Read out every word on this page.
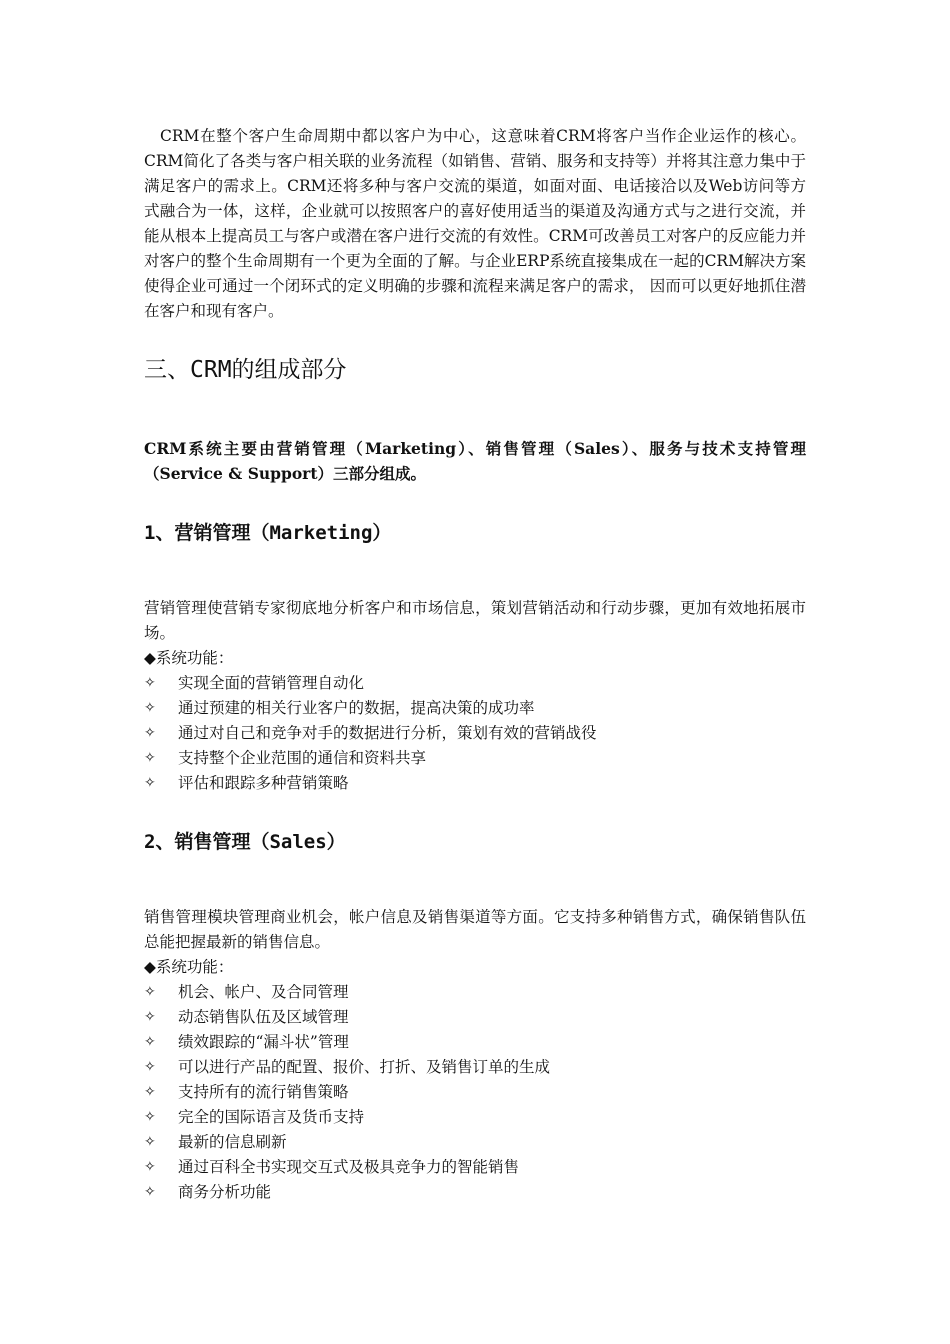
CRM在整个客户生命周期中都以客户为中心，这意味着CRM将客户当作企业运作的核心。CRM简化了各类与客户相关联的业务流程（如销售、营销、服务和支持等）并将其注意力集中于满足客户的需求上。CRM还将多种与客户交流的渠道，如面对面、电话接洽以及Web访问等方式融合为一体，这样，企业就可以按照客户的喜好使用适当的渠道及沟通方式与之进行交流，并能从根本上提高员工与客户或潜在客户进行交流的有效性。CRM可改善员工对客户的反应能力并对客户的整个生命周期有一个更为全面的了解。与企业ERP系统直接集成在一起的CRM解决方案使得企业可通过一个闭环式的定义明确的步骤和流程来满足客户的需求， 因而可以更好地抓住潜在客户和现有客户。

三、CRM的组成部分

CRM系统主要由营销管理（Marketing）、销售管理（Sales）、服务与技术支持管理（Service & Support）三部分组成。

1、营销管理（Marketing）

营销管理使营销专家彻底地分析客户和市场信息，策划营销活动和行动步骤，更加有效地拓展市场。

◆系统功能：

✧	实现全面的营销管理自动化
✧	通过预建的相关行业客户的数据，提高决策的成功率
✧	通过对自己和竞争对手的数据进行分析，策划有效的营销战役
✧	支持整个企业范围的通信和资料共享
✧	评估和跟踪多种营销策略
2、销售管理（Sales）

销售管理模块管理商业机会，帐户信息及销售渠道等方面。它支持多种销售方式，确保销售队伍总能把握最新的销售信息。

◆系统功能：

✧	机会、帐户、及合同管理
✧	动态销售队伍及区域管理
✧	绩效跟踪的“漏斗状”管理
✧	可以进行产品的配置、报价、打折、及销售订单的生成
✧	支持所有的流行销售策略
✧	完全的国际语言及货币支持
✧	最新的信息刷新
✧	通过百科全书实现交互式及极具竞争力的智能销售
✧	商务分析功能
